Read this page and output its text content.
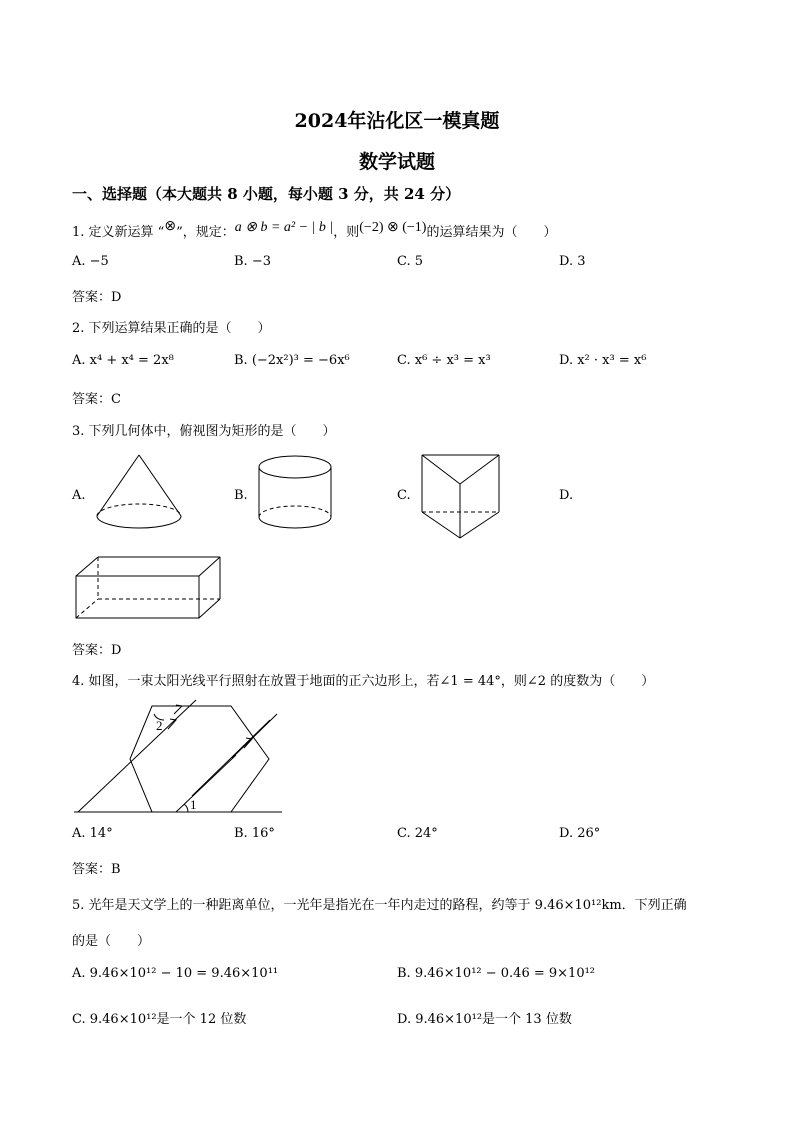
2024年沾化区一模真题
数学试题
一、选择题（本大题共 8 小题，每小题 3 分，共 24 分）
1. 定义新运算 “⊗”，规定：a ⊗ b = a² − | b |，则(−2) ⊗ (−1)的运算结果为（　　）
A. −5	B. −3	C. 5	D. 3
答案：D
2. 下列运算结果正确的是（　　）
A. x⁴ + x⁴ = 2x⁸	B. (−2x²)³ = −6x⁶	C. x⁶ ÷ x³ = x³	D. x² · x³ = x⁶
答案：C
3. 下列几何体中，俯视图为矩形的是（　　）
A.	B.	C.	D.
答案：D
4. 如图，一束太阳光线平行照射在放置于地面的正六边形上，若∠1 = 44°，则∠2 的度数为（　　）
1
2
A. 14°	B. 16°	C. 24°	D. 26°
答案：B
5. 光年是天文学上的一种距离单位，一光年是指光在一年内走过的路程，约等于 9.46×10¹²km．下列正确
的是（　　）
A. 9.46×10¹² − 10 = 9.46×10¹¹	B. 9.46×10¹² − 0.46 = 9×10¹²
C. 9.46×10¹²是一个 12 位数	D. 9.46×10¹²是一个 13 位数
